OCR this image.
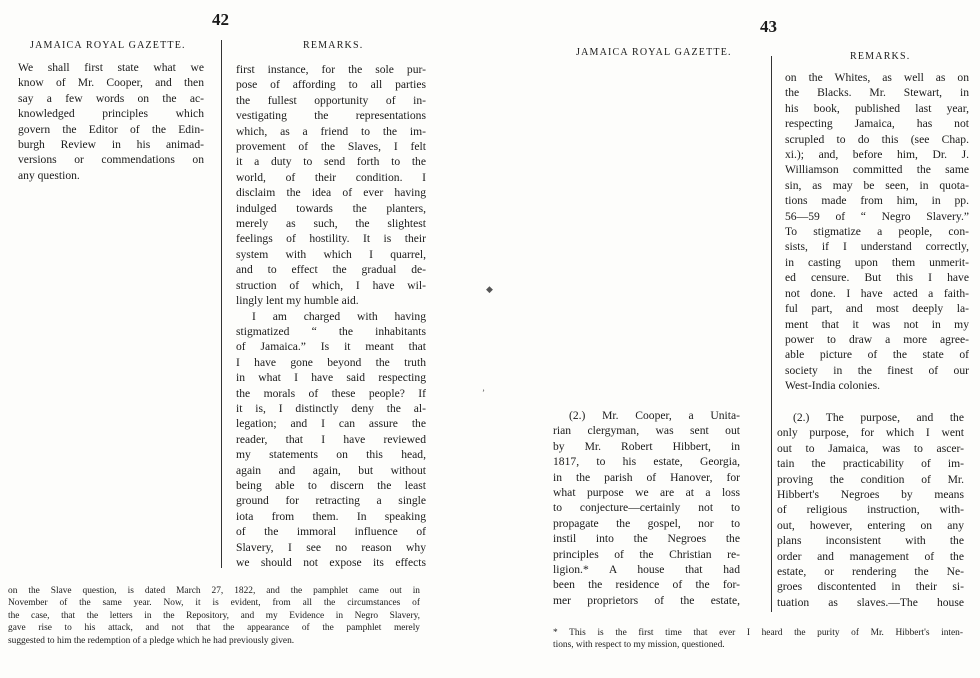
42
JAMAICA ROYAL GAZETTE.	REMARKS.
We shall first state what we
know of Mr. Cooper, and then
say a few words on the ac-
knowledged principles which
govern the Editor of the Edin-
burgh Review in his animad-
versions or commendations on
any question.
first instance, for the sole pur-
pose of affording to all parties
the fullest opportunity of in-
vestigating the representations
which, as a friend to the im-
provement of the Slaves, I felt
it a duty to send forth to the
world, of their condition. I
disclaim the idea of ever having
indulged towards the planters,
merely as such, the slightest
feelings of hostility. It is their
system with which I quarrel,
and to effect the gradual de-
struction of which, I have wil-
lingly lent my humble aid.
I am charged with having
stigmatized “ the inhabitants
of Jamaica.” Is it meant that
I have gone beyond the truth
in what I have said respecting
the morals of these people? If
it is, I distinctly deny the al-
legation; and I can assure the
reader, that I have reviewed
my statements on this head,
again and again, but without
being able to discern the least
ground for retracting a single
iota from them. In speaking
of the immoral influence of
Slavery, I see no reason why
we should not expose its effects
on the Slave question, is dated March 27, 1822, and the pamphlet came out in
November of the same year. Now, it is evident, from all the circumstances of
the case, that the letters in the Repository, and my Evidence in Negro Slavery,
gave rise to his attack, and not that the appearance of the pamphlet merely
suggested to him the redemption of a pledge which he had previously given.
◆
’
43
JAMAICA ROYAL GAZETTE.	REMARKS.
on the Whites, as well as on
the Blacks. Mr. Stewart, in
his book, published last year,
respecting Jamaica, has not
scrupled to do this (see Chap.
xi.); and, before him, Dr. J.
Williamson committed the same
sin, as may be seen, in quota-
tions made from him, in pp.
56—59 of “ Negro Slavery.”
To stigmatize a people, con-
sists, if I understand correctly,
in casting upon them unmerit-
ed censure. But this I have
not done. I have acted a faith-
ful part, and most deeply la-
ment that it was not in my
power to draw a more agree-
able picture of the state of
society in the finest of our
West-India colonies.
(2.) Mr. Cooper, a Unita-
rian clergyman, was sent out
by Mr. Robert Hibbert, in
1817, to his estate, Georgia,
in the parish of Hanover, for
what purpose we are at a loss
to conjecture—certainly not to
propagate the gospel, nor to
instil into the Negroes the
principles of the Christian re-
ligion.* A house that had
been the residence of the for-
mer proprietors of the estate,
(2.) The purpose, and the
only purpose, for which I went
out to Jamaica, was to ascer-
tain the practicability of im-
proving the condition of Mr.
Hibbert's Negroes by means
of religious instruction, with-
out, however, entering on any
plans inconsistent with the
order and management of the
estate, or rendering the Ne-
groes discontented in their si-
tuation as slaves.—The house
* This is the first time that ever I heard the purity of Mr. Hibbert's inten-
tions, with respect to my mission, questioned.
